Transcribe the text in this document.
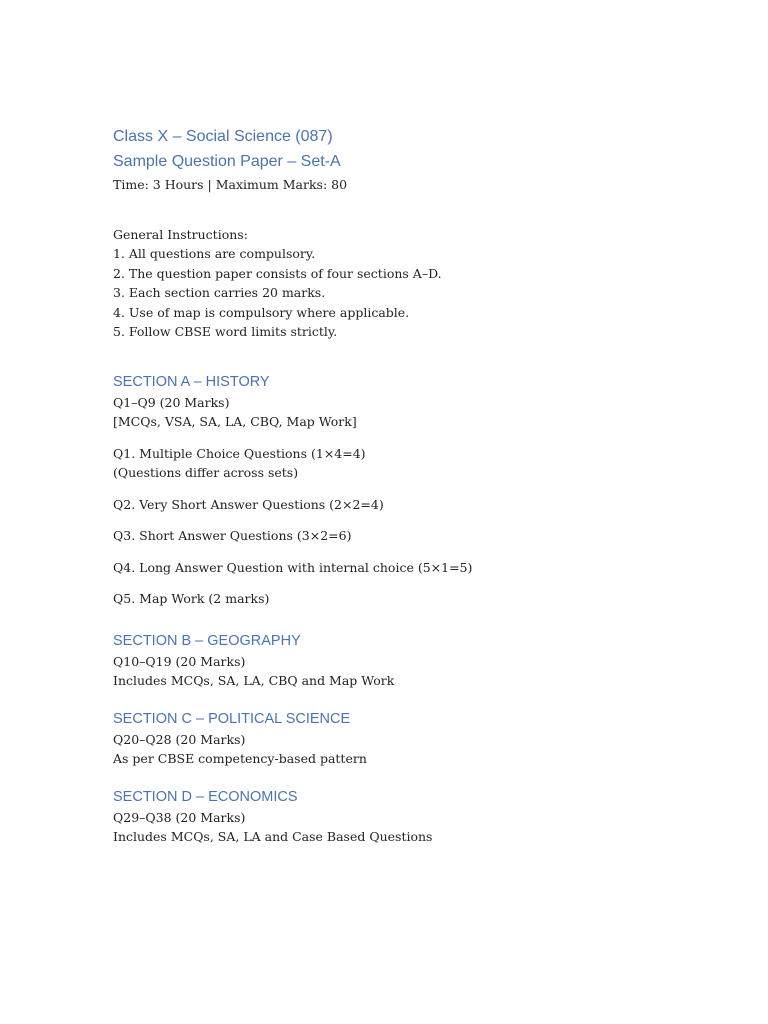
Class X – Social Science (087)
Sample Question Paper – Set-A
Time: 3 Hours | Maximum Marks: 80
General Instructions:
1. All questions are compulsory.
2. The question paper consists of four sections A–D.
3. Each section carries 20 marks.
4. Use of map is compulsory where applicable.
5. Follow CBSE word limits strictly.
SECTION A – HISTORY
Q1–Q9 (20 Marks)
[MCQs, VSA, SA, LA, CBQ, Map Work]
Q1. Multiple Choice Questions (1×4=4)
(Questions differ across sets)
Q2. Very Short Answer Questions (2×2=4)
Q3. Short Answer Questions (3×2=6)
Q4. Long Answer Question with internal choice (5×1=5)
Q5. Map Work (2 marks)
SECTION B – GEOGRAPHY
Q10–Q19 (20 Marks)
Includes MCQs, SA, LA, CBQ and Map Work
SECTION C – POLITICAL SCIENCE
Q20–Q28 (20 Marks)
As per CBSE competency-based pattern
SECTION D – ECONOMICS
Q29–Q38 (20 Marks)
Includes MCQs, SA, LA and Case Based Questions
